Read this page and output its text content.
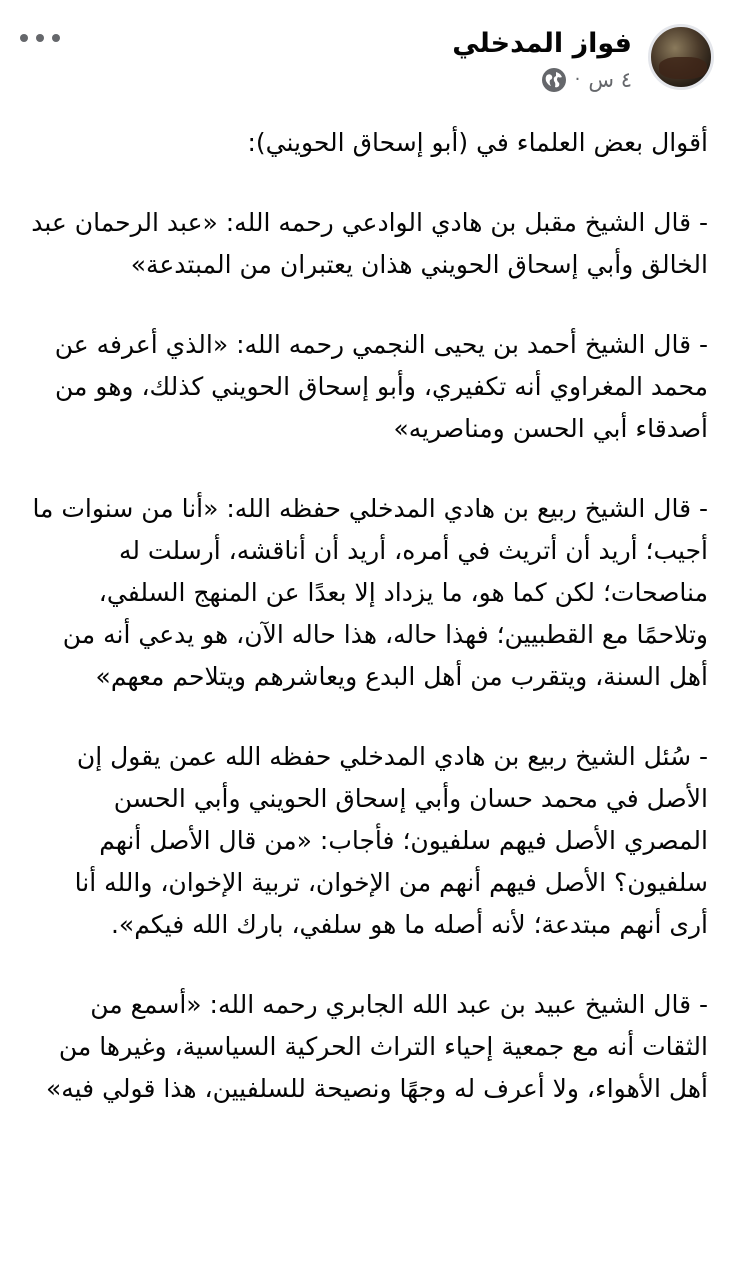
فواز المدخلي
٤ س
·

أقوال بعض العلماء في (أبو إسحاق الحويني):

- قال الشيخ مقبل بن هادي الوادعي رحمه الله: «عبد الرحمان عبد الخالق وأبي إسحاق الحويني هذان يعتبران من المبتدعة»

- قال الشيخ أحمد بن يحيى النجمي رحمه الله: «الذي أعرفه عن محمد المغراوي أنه تكفيري، وأبو إسحاق الحويني كذلك، وهو من أصدقاء أبي الحسن ومناصريه»

- قال الشيخ ربيع بن هادي المدخلي حفظه الله: «أنا من سنوات ما أجيب؛ أريد أن أتريث في أمره، أريد أن أناقشه، أرسلت له مناصحات؛ لكن كما هو، ما يزداد إلا بعدًا عن المنهج السلفي، وتلاحمًا مع القطبيين؛ فهذا حاله، هذا حاله الآن، هو يدعي أنه من أهل السنة، ويتقرب من أهل البدع ويعاشرهم ويتلاحم معهم»

- سُئل الشيخ ربيع بن هادي المدخلي حفظه الله عمن يقول إن الأصل في محمد حسان وأبي إسحاق الحويني وأبي الحسن المصري الأصل فيهم سلفيون؛ فأجاب: «من قال الأصل أنهم سلفيون؟ الأصل فيهم أنهم من الإخوان، تربية الإخوان، والله أنا أرى أنهم مبتدعة؛ لأنه أصله ما هو سلفي، بارك الله فيكم».

- قال الشيخ عبيد بن عبد الله الجابري رحمه الله: «أسمع من الثقات أنه مع جمعية إحياء التراث الحركية السياسية، وغيرها من أهل الأهواء، ولا أعرف له وجهًا ونصيحة للسلفيين، هذا قولي فيه»
